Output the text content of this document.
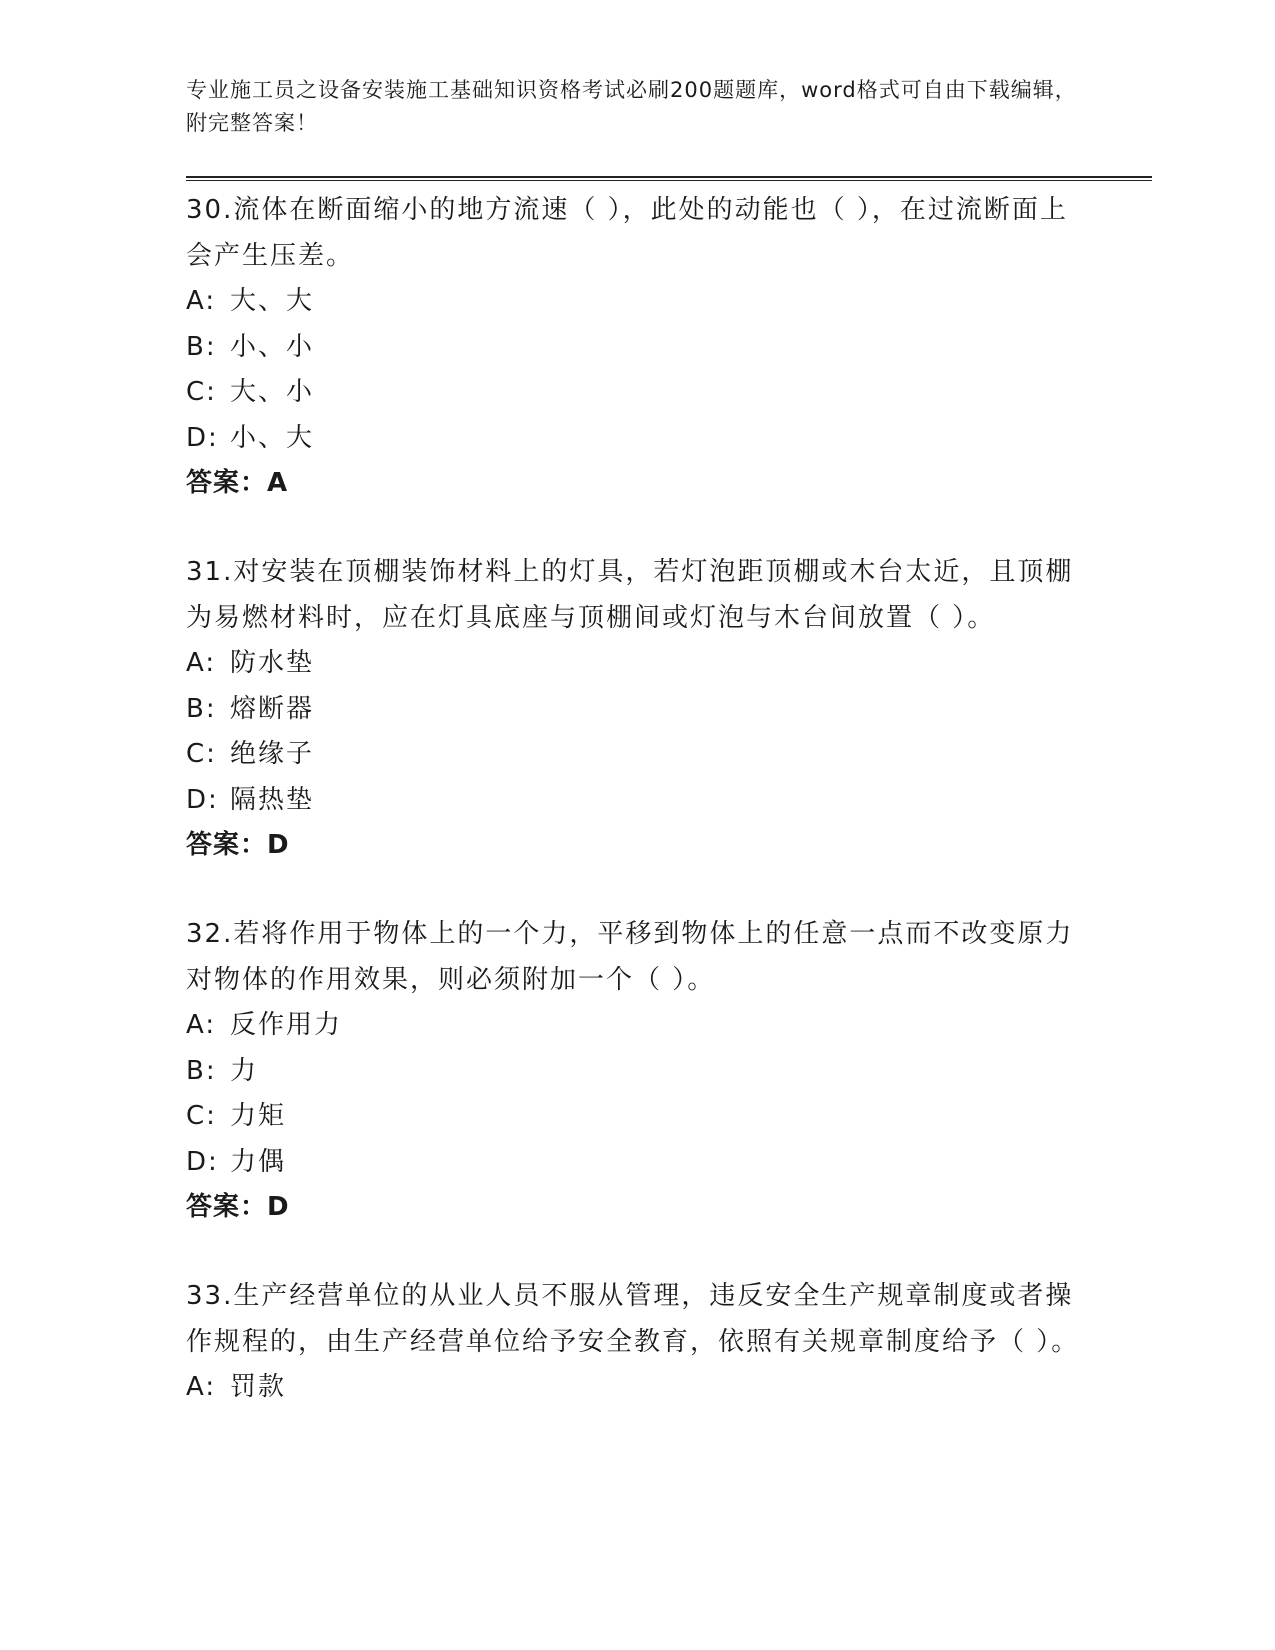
专业施工员之设备安装施工基础知识资格考试必刷200题题库，word格式可自由下载编辑，附完整答案！

30.流体在断面缩小的地方流速（ ），此处的动能也（ ），在过流断面上会产生压差。

A: 大、大
B: 小、小
C: 大、小
D: 小、大
答案：A

31.对安装在顶棚装饰材料上的灯具，若灯泡距顶棚或木台太近，且顶棚为易燃材料时，应在灯具底座与顶棚间或灯泡与木台间放置（ ）。

A: 防水垫
B: 熔断器
C: 绝缘子
D: 隔热垫
答案：D

32.若将作用于物体上的一个力，平移到物体上的任意一点而不改变原力对物体的作用效果，则必须附加一个（ ）。

A: 反作用力
B: 力
C: 力矩
D: 力偶
答案：D

33.生产经营单位的从业人员不服从管理，违反安全生产规章制度或者操作规程的，由生产经营单位给予安全教育，依照有关规章制度给予（ ）。

A: 罚款
